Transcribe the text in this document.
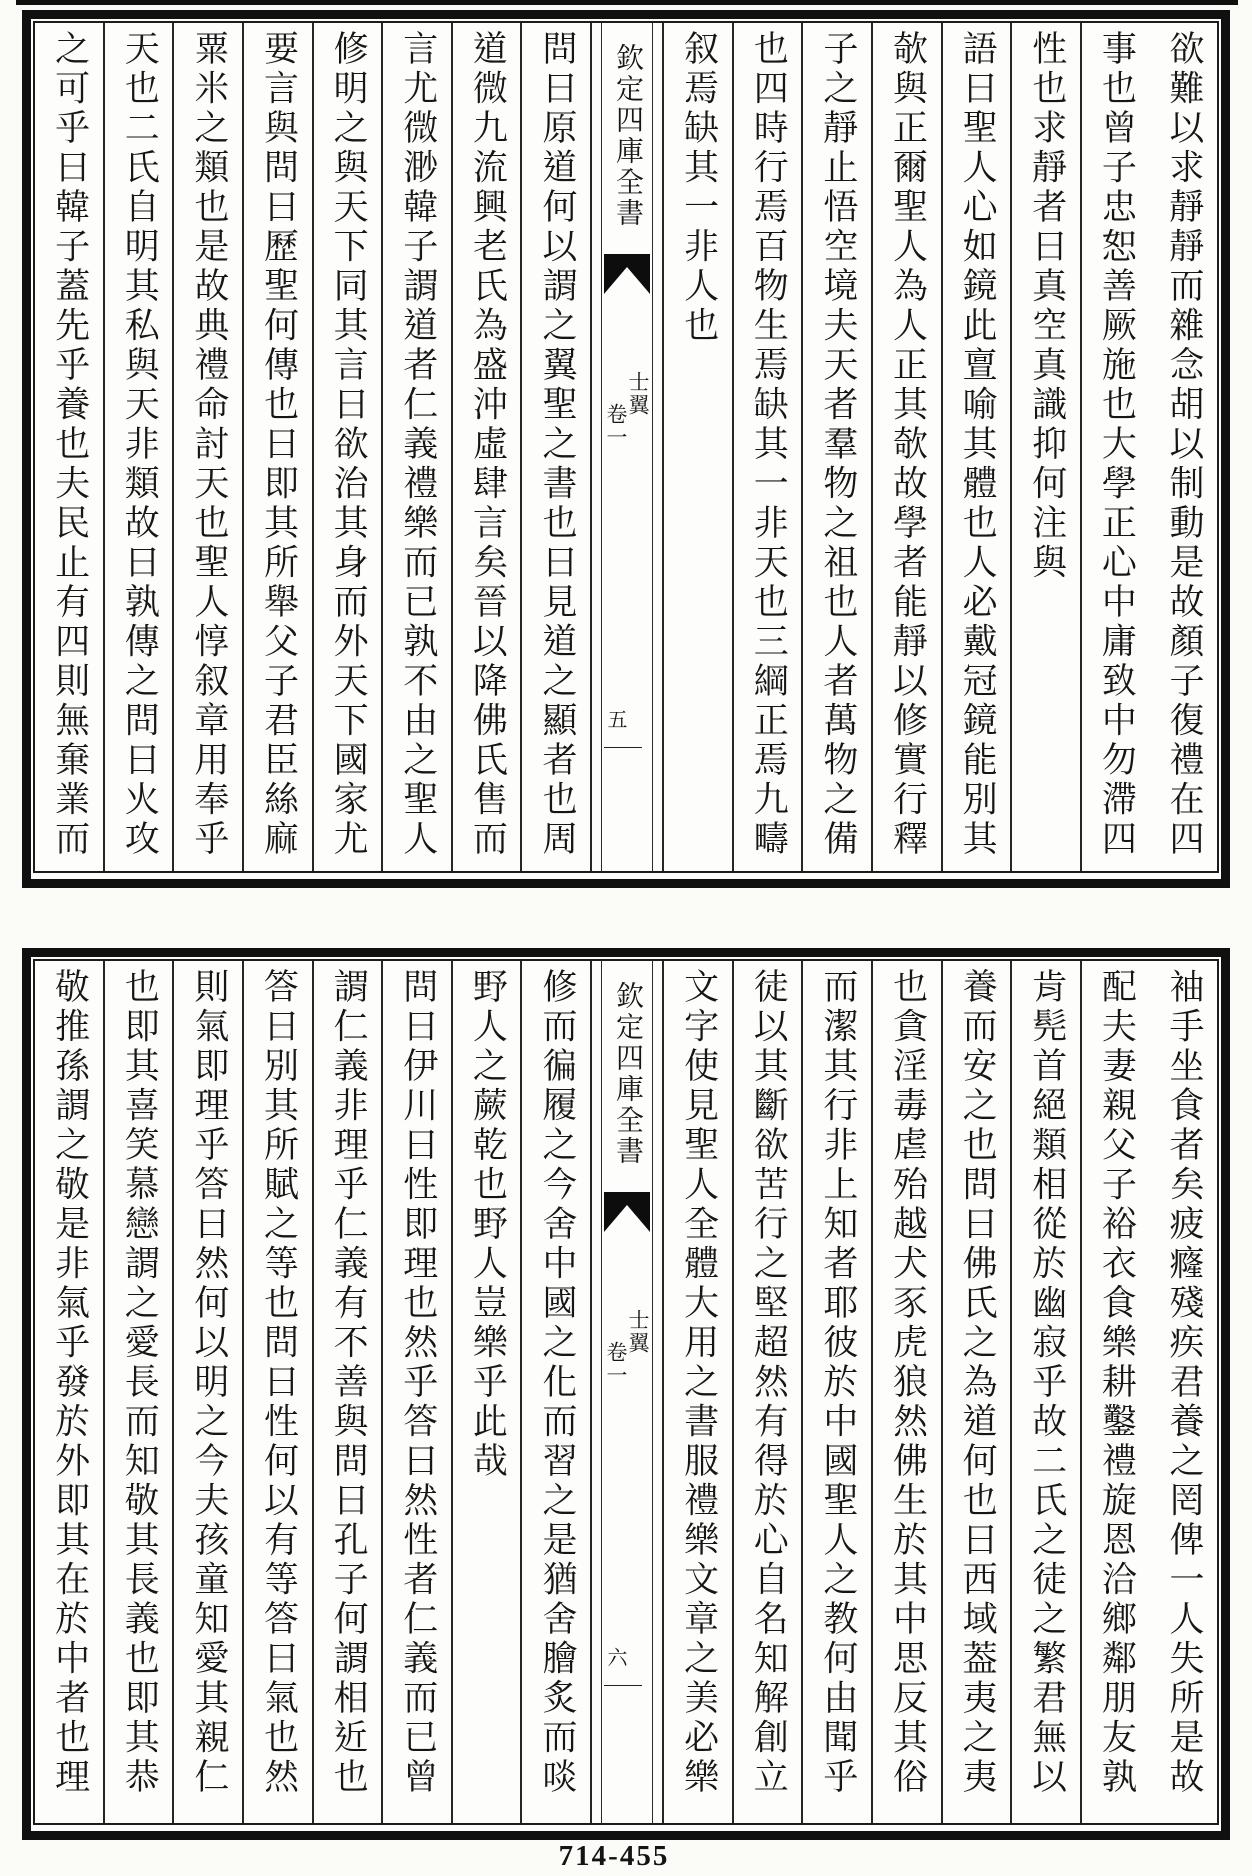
欲難以求靜靜而雜念胡以制動是故顏子復禮在四
事也曾子忠恕善厥施也大學正心中庸致中勿滯四
性也求靜者曰真空真識抑何注與
語曰聖人心如鏡此亶喻其體也人必戴冠鏡能別其
欹與正爾聖人為人正其欹故學者能靜以修實行釋
子之靜止悟空境夫天者羣物之祖也人者萬物之備
也四時行焉百物生焉缺其一非天也三綱正焉九疇
叙焉缺其一非人也
欽定四庫全書
士翼
卷一
五
問曰原道何以謂之翼聖之書也曰見道之顯者也周
道微九流興老氏為盛沖虛肆言矣晉以降佛氏售而
言尤微渺韓子謂道者仁義禮樂而已孰不由之聖人
修明之與天下同其言曰欲治其身而外天下國家尤
要言與問曰歷聖何傳也曰即其所舉父子君臣絲麻
粟米之類也是故典禮命討天也聖人惇叙章用奉乎
天也二氏自明其私與天非類故曰孰傳之問曰火攻
之可乎曰韓子蓋先乎養也夫民止有四則無棄業而
袖手坐食者矣疲癃殘疾君養之罔俾一人失所是故
配夫妻親父子裕衣食樂耕鑿禮旋恩洽鄉鄰朋友孰
肯髡首絕類相從於幽寂乎故二氏之徒之繁君無以
養而安之也問曰佛氏之為道何也曰西域葢夷之夷
也貪淫毒虐殆越犬豕虎狼然佛生於其中思反其俗
而潔其行非上知者耶彼於中國聖人之教何由聞乎
徒以其斷欲苦行之堅超然有得於心自名知解創立
文字使見聖人全體大用之書服禮樂文章之美必樂
欽定四庫全書
士翼
卷一
六
修而徧履之今舍中國之化而習之是猶舍膾炙而啖
野人之蕨乾也野人豈樂乎此哉
問曰伊川曰性即理也然乎答曰然性者仁義而已曾
謂仁義非理乎仁義有不善與問曰孔子何謂相近也
答曰別其所賦之等也問曰性何以有等答曰氣也然
則氣即理乎答曰然何以明之今夫孩童知愛其親仁
也即其喜笑慕戀謂之愛長而知敬其長義也即其恭
敬推孫謂之敬是非氣乎發於外即其在於中者也理
714-455
